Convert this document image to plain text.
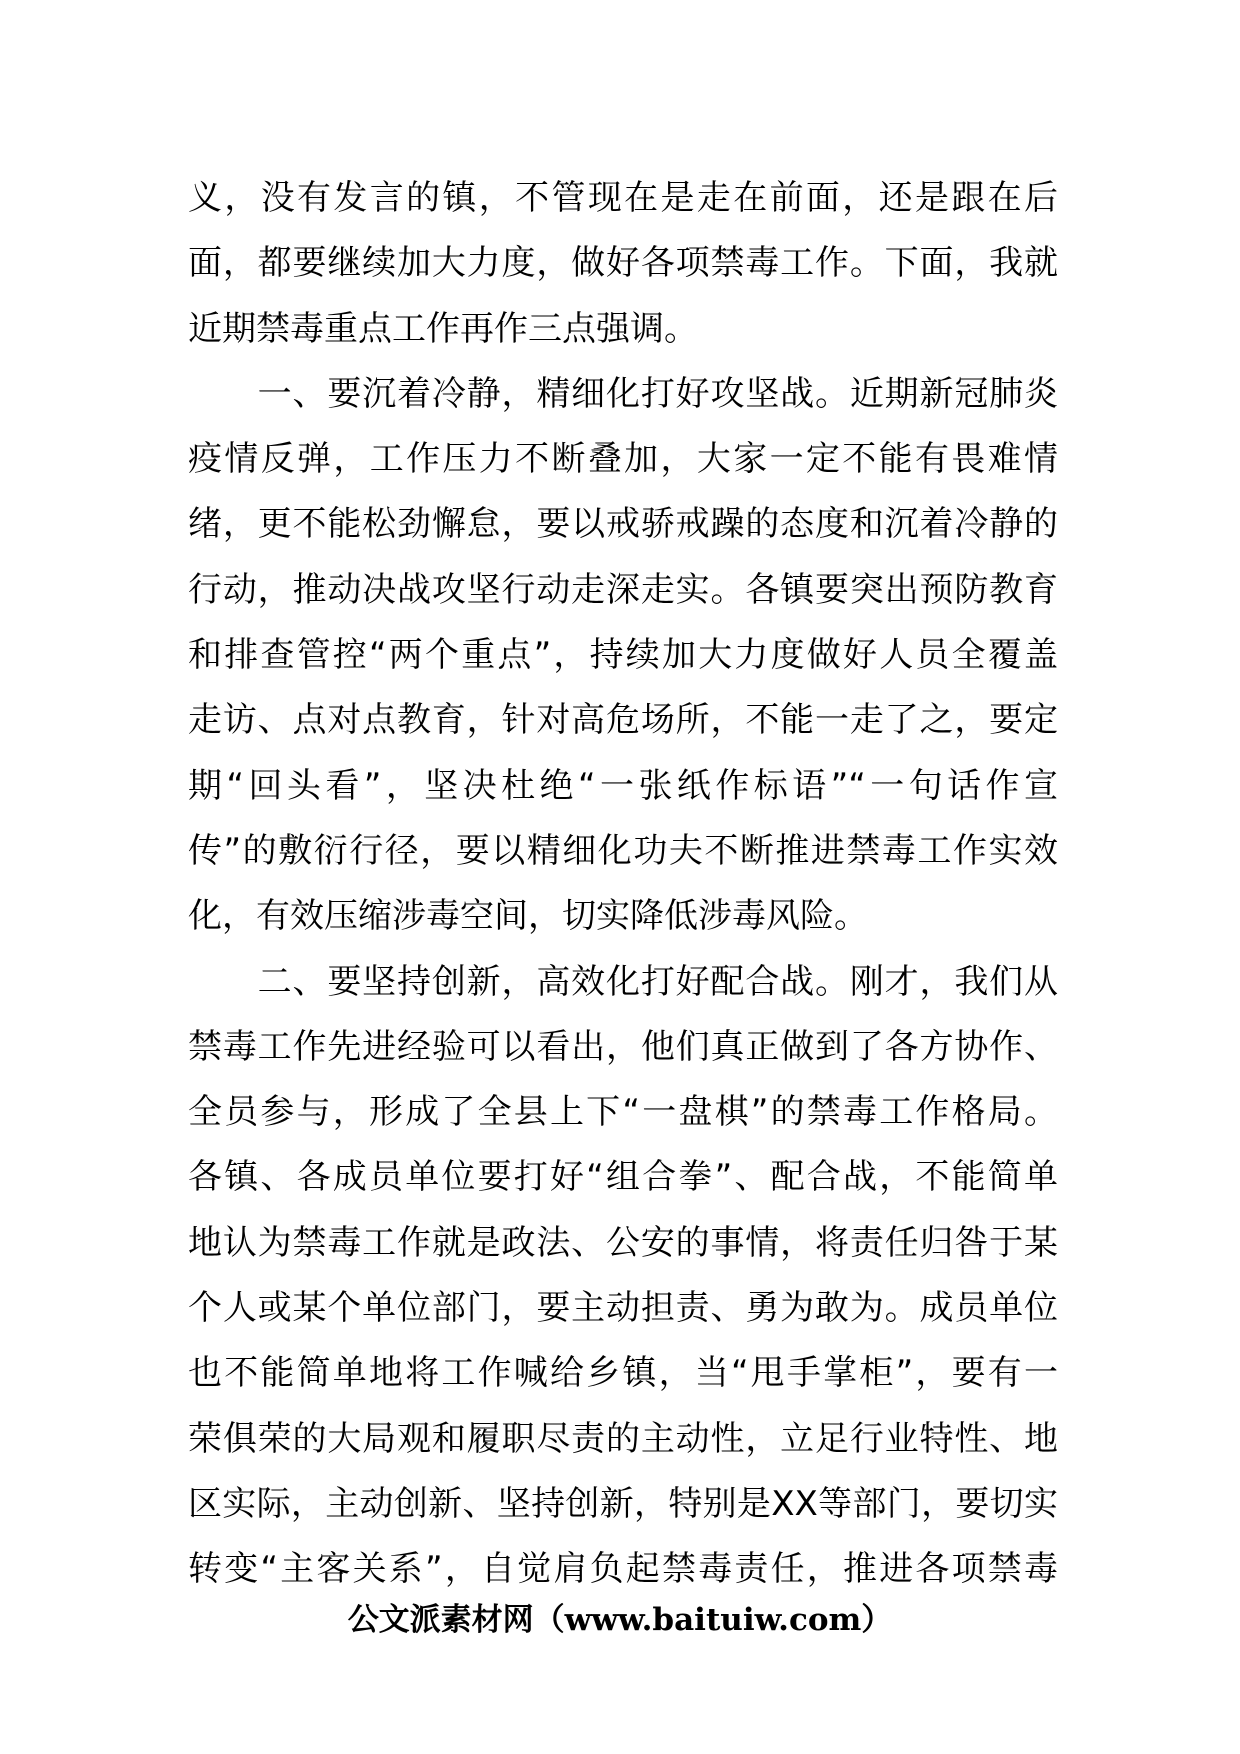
义，没有发言的镇，不管现在是走在前面，还是跟在后
面，都要继续加大力度，做好各项禁毒工作。下面，我就
近期禁毒重点工作再作三点强调。
　　一、要沉着冷静，精细化打好攻坚战。近期新冠肺炎
疫情反弹，工作压力不断叠加，大家一定不能有畏难情
绪，更不能松劲懈怠，要以戒骄戒躁的态度和沉着冷静的
行动，推动决战攻坚行动走深走实。各镇要突出预防教育
和排查管控“两个重点”，持续加大力度做好人员全覆盖
走访、点对点教育，针对高危场所，不能一走了之，要定
期“回头看”，坚决杜绝“一张纸作标语”“一句话作宣
传”的敷衍行径，要以精细化功夫不断推进禁毒工作实效
化，有效压缩涉毒空间，切实降低涉毒风险。
　　二、要坚持创新，高效化打好配合战。刚才，我们从
禁毒工作先进经验可以看出，他们真正做到了各方协作、
全员参与，形成了全县上下“一盘棋”的禁毒工作格局。
各镇、各成员单位要打好“组合拳”、配合战，不能简单
地认为禁毒工作就是政法、公安的事情，将责任归咎于某
个人或某个单位部门，要主动担责、勇为敢为。成员单位
也不能简单地将工作喊给乡镇，当“甩手掌柜”，要有一
荣俱荣的大局观和履职尽责的主动性，立足行业特性、地
区实际，主动创新、坚持创新，特别是XX等部门，要切实
转变“主客关系”，自觉肩负起禁毒责任，推进各项禁毒
公文派素材网（www.baituiw.com）
